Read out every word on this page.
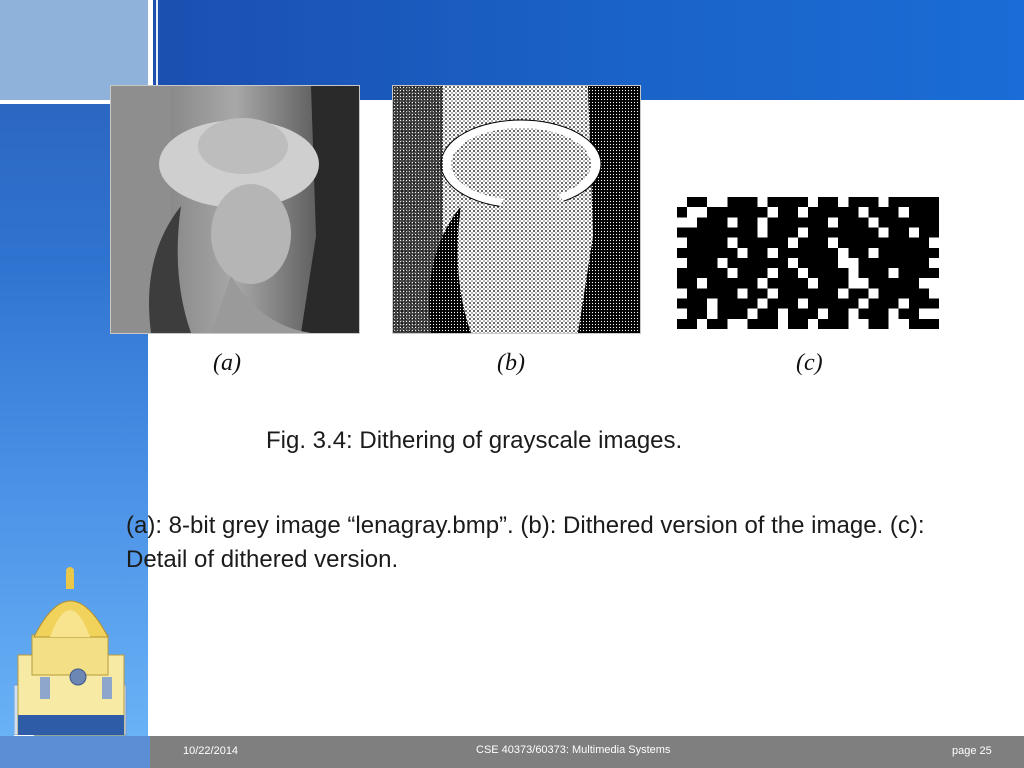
(a)	(b)	(c)
Fig. 3.4: Dithering of grayscale images.
(a): 8-bit grey image “lenagray.bmp”. (b): Dithered version of the image. (c): Detail of dithered version.
10/22/2014	CSE 40373/60373: Multimedia Systems	page 25
